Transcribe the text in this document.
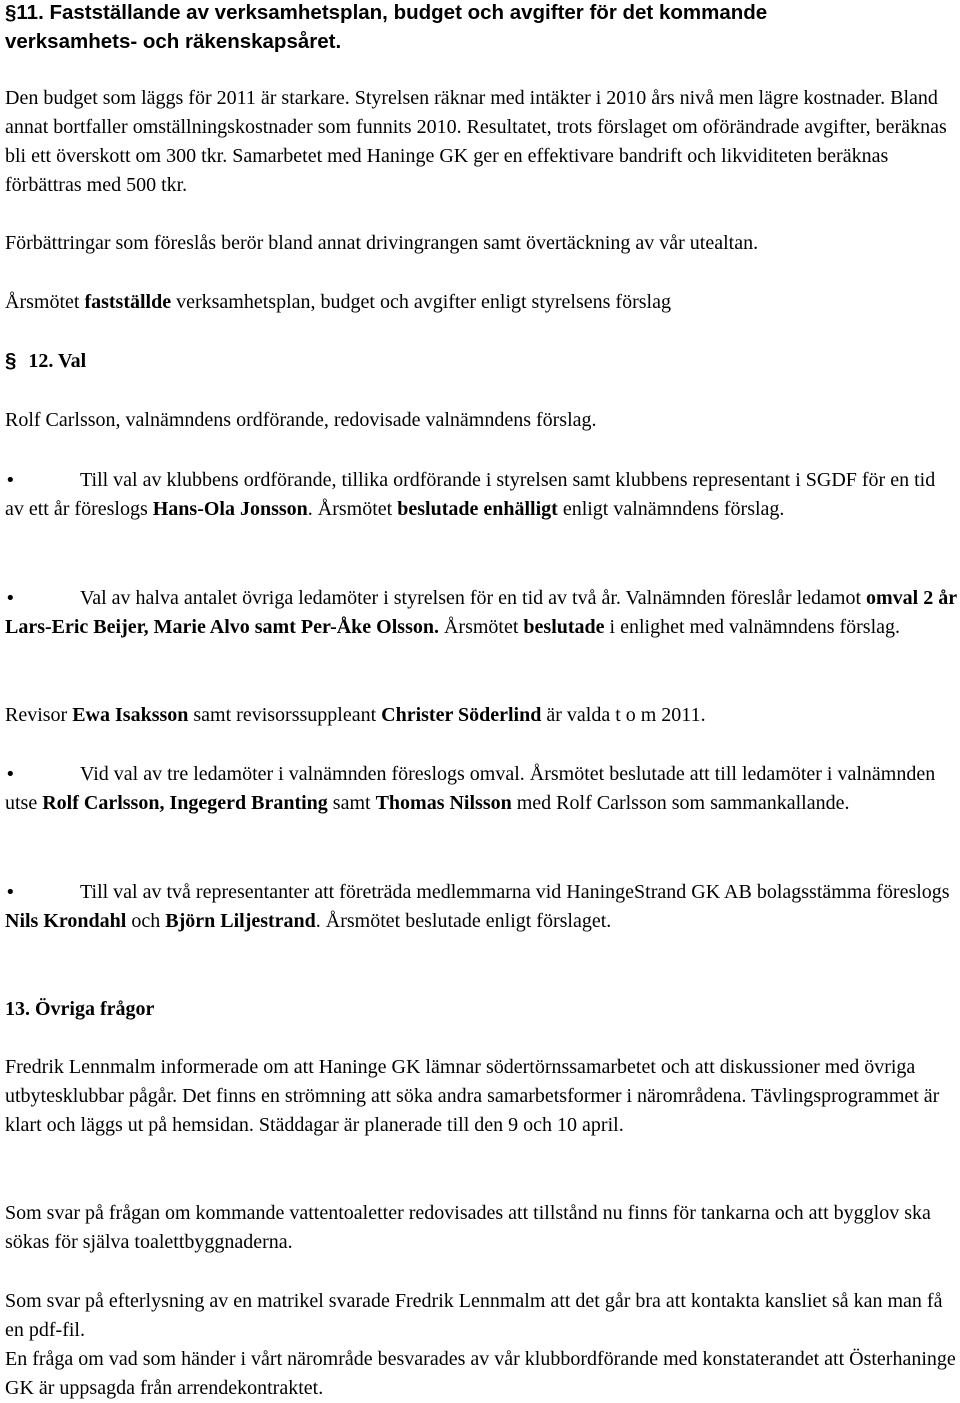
§11. Fastställande av verksamhetsplan, budget och avgifter för det kommande
verksamhets- och räkenskapsåret.
Den budget som läggs för 2011 är starkare. Styrelsen räknar med intäkter i 2010 års nivå men lägre kostnader. Bland annat bortfaller omställningskostnader som funnits 2010. Resultatet, trots förslaget om oförändrade avgifter, beräknas bli ett överskott om 300 tkr. Samarbetet med Haninge GK ger en effektivare bandrift och likviditeten beräknas förbättras med 500 tkr.
Förbättringar som föreslås berör bland annat drivingrangen samt övertäckning av vår utealtan.
Årsmötet fastställde verksamhetsplan, budget och avgifter enligt styrelsens förslag
§ 12. Val
Rolf Carlsson, valnämndens ordförande, redovisade valnämndens förslag.
•	Till val av klubbens ordförande, tillika ordförande i styrelsen samt klubbens representant i SGDF för en tid av ett år föreslogs Hans-Ola Jonsson. Årsmötet beslutade enhälligt enligt valnämndens förslag.
•	Val av halva antalet övriga ledamöter i styrelsen för en tid av två år. Valnämnden föreslår ledamot omval 2 år Lars-Eric Beijer, Marie Alvo samt Per-Åke Olsson. Årsmötet beslutade i enlighet med valnämndens förslag.
Revisor Ewa Isaksson samt revisorssuppleant Christer Söderlind är valda t o m 2011.
•	Vid val av tre ledamöter i valnämnden föreslogs omval. Årsmötet beslutade att till ledamöter i valnämnden utse Rolf Carlsson, Ingegerd Branting samt Thomas Nilsson med Rolf Carlsson som sammankallande.
•	Till val av två representanter att företräda medlemmarna vid HaningeStrand GK AB bolagsstämma föreslogs Nils Krondahl och Björn Liljestrand. Årsmötet beslutade enligt förslaget.
13. Övriga frågor
Fredrik Lennmalm informerade om att Haninge GK lämnar södertörnssamarbetet och att diskussioner med övriga utbytesklubbar pågår. Det finns en strömning att söka andra samarbetsformer i närområdena. Tävlingsprogrammet är klart och läggs ut på hemsidan. Städdagar är planerade till den 9 och 10 april.
Som svar på frågan om kommande vattentoaletter redovisades att tillstånd nu finns för tankarna och att bygglov ska sökas för själva toalettbyggnaderna.
Som svar på efterlysning av en matrikel svarade Fredrik Lennmalm att det går bra att kontakta kansliet så kan man få en pdf-fil.
En fråga om vad som händer i vårt närområde besvarades av vår klubbordförande med konstaterandet att Österhaninge GK är uppsagda från arrendekontraktet.
